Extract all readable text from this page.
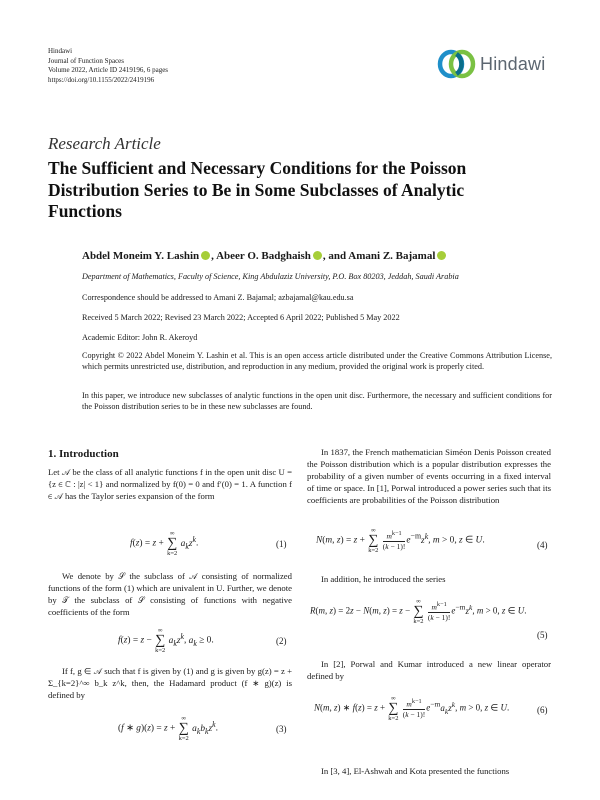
Hindawi
Journal of Function Spaces
Volume 2022, Article ID 2419196, 6 pages
https://doi.org/10.1155/2022/2419196
Hindawi
Research Article
The Sufficient and Necessary Conditions for the Poisson Distribution Series to Be in Some Subclasses of Analytic Functions
Abdel Moneim Y. Lashin , Abeer O. Badghaish , and Amani Z. Bajamal
Department of Mathematics, Faculty of Science, King Abdulaziz University, P.O. Box 80203, Jeddah, Saudi Arabia
Correspondence should be addressed to Amani Z. Bajamal; azbajamal@kau.edu.sa
Received 5 March 2022; Revised 23 March 2022; Accepted 6 April 2022; Published 5 May 2022
Academic Editor: John R. Akeroyd
Copyright © 2022 Abdel Moneim Y. Lashin et al. This is an open access article distributed under the Creative Commons Attribution License, which permits unrestricted use, distribution, and reproduction in any medium, provided the original work is properly cited.
In this paper, we introduce new subclasses of analytic functions in the open unit disc. Furthermore, the necessary and sufficient conditions for the Poisson distribution series to be in these new subclasses are found.
1. Introduction
Let 𝒜 be the class of all analytic functions f in the open unit disc U = {z ∈ ℂ : |z| < 1} and normalized by f(0) = 0 and f′(0) = 1. A function f ∈ 𝒜 has the Taylor series expansion of the form
f(z) = z +
∞
∑
k=2
$a_kz^k$.	(1)
We denote by 𝒮 the subclass of 𝒜 consisting of normalized functions of the form (1) which are univalent in U. Further, we denote by 𝒯 the subclass of 𝒮 consisting of functions with negative coefficients of the form
f(z) = z −
∞
∑
k=2
$a_kz^k$, $a_k \ge 0$.	(2)
If f, g ∈ 𝒜 such that f is given by (1) and g is given by g(z) = z + Σ_{k=2}^∞ b_k z^k, then, the Hadamard product (f ∗ g)(z) is defined by
(f ∗ g)(z) = z +
∞
∑
k=2
$a_kb_kz^k$.	(3)
In 1837, the French mathematician Siméon Denis Poisson created the Poisson distribution which is a popular distribution expresses the probability of a given number of events occurring in a fixed interval of time or space. In [1], Porwal introduced a power series such that its coefficients are probabilities of the Poisson distribution
N(m, z) = z +
∞
∑
k=2
$\frac{m^{k-1}}{(k - 1)!} e^{-m}z^k$, m > 0, z ∈ U.	(4)
In addition, he introduced the series
R(m, z) = 2z − N(m, z) = z −
∞
∑
k=2
$\frac{m^{k-1}}{(k - 1)!} e^{-m}z^k$, m > 0, z ∈ U.
(5)
In [2], Porwal and Kumar introduced a new linear operator defined by
N(m, z) ∗ f(z) = z +
∞
∑
k=2
$\frac{m^{k-1}}{(k - 1)!} e^{-m}a_kz^k$, m > 0, z ∈ U.	(6)
In [3, 4], El-Ashwah and Kota presented the functions
